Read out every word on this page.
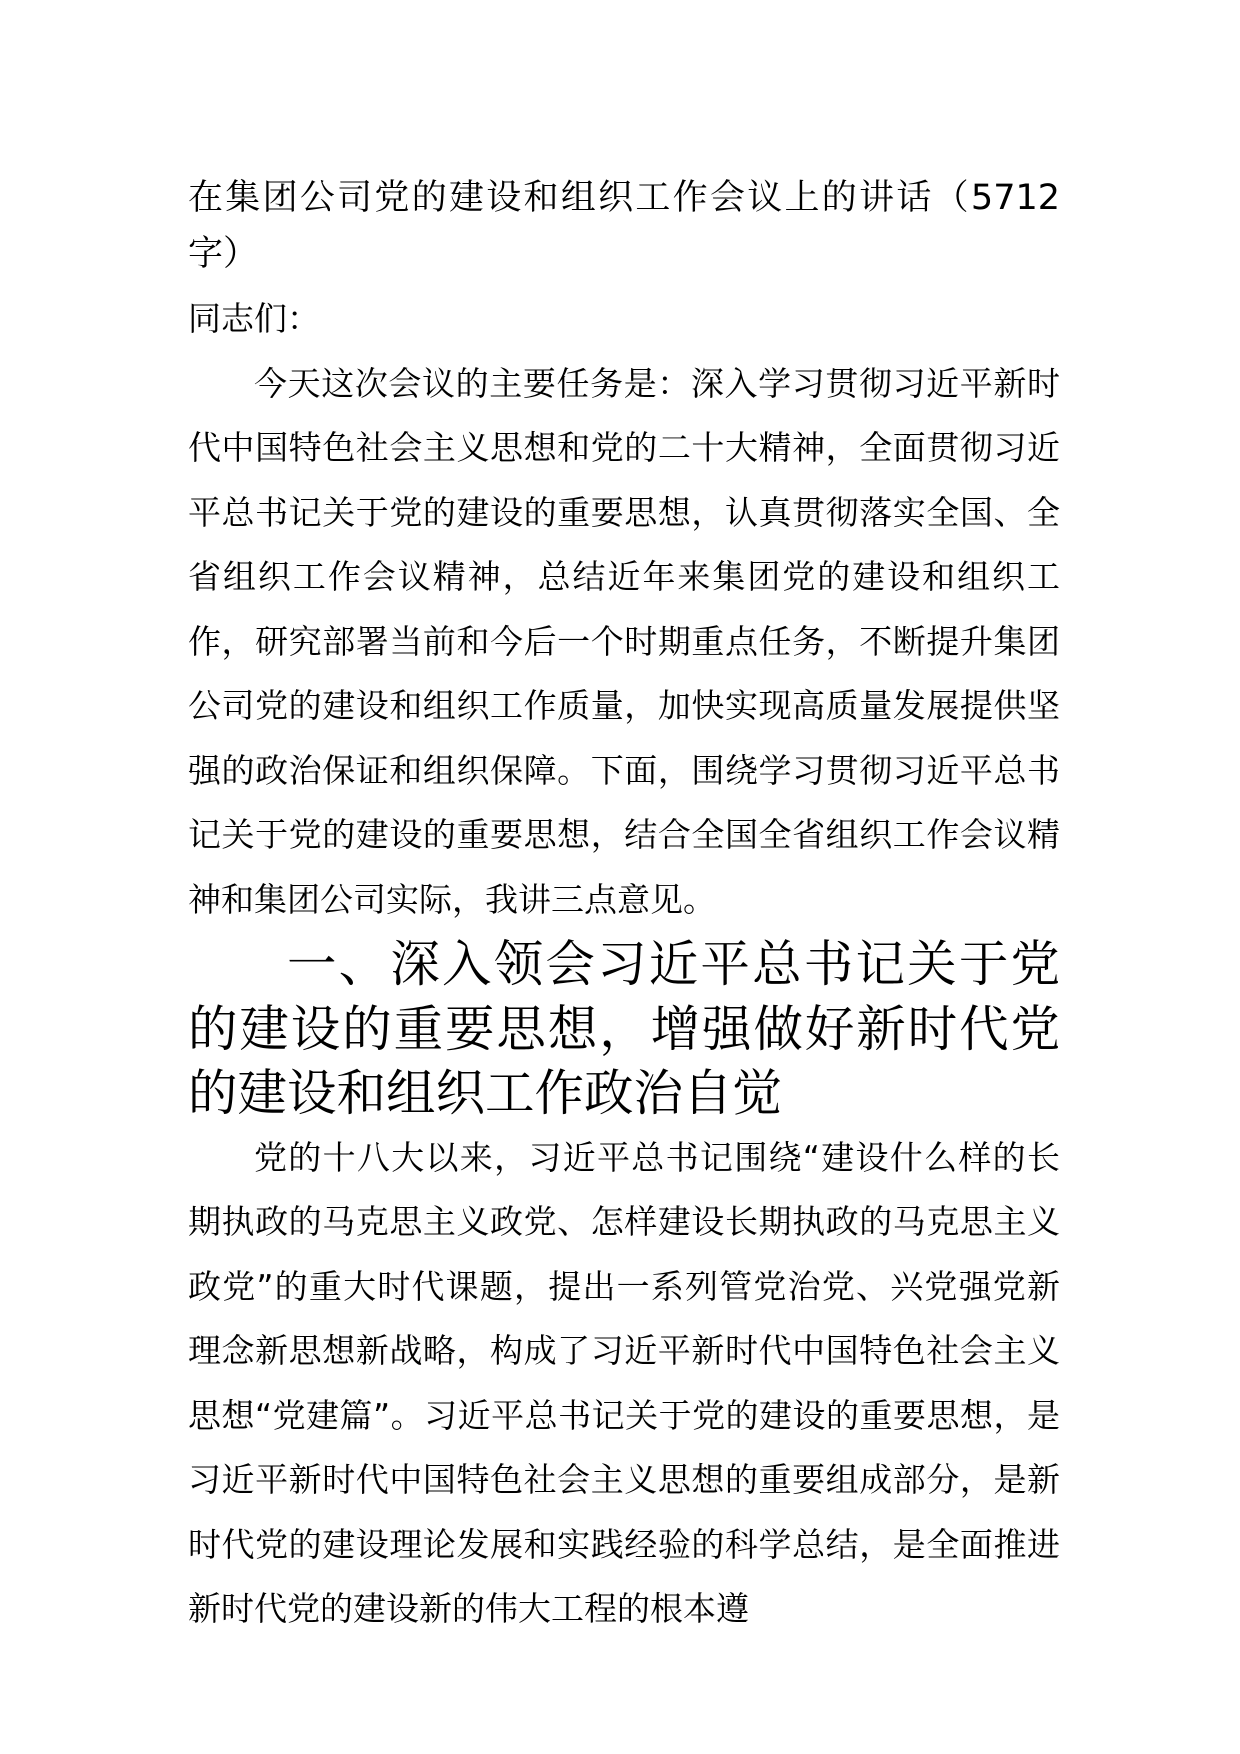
在集团公司党的建设和组织工作会议上的讲话（5712字）

同志们：

今天这次会议的主要任务是：深入学习贯彻习近平新时代中国特色社会主义思想和党的二十大精神，全面贯彻习近平总书记关于党的建设的重要思想，认真贯彻落实全国、全省组织工作会议精神，总结近年来集团党的建设和组织工作，研究部署当前和今后一个时期重点任务，不断提升集团公司党的建设和组织工作质量，加快实现高质量发展提供坚强的政治保证和组织保障。下面，围绕学习贯彻习近平总书记关于党的建设的重要思想，结合全国全省组织工作会议精神和集团公司实际，我讲三点意见。

一、深入领会习近平总书记关于党的建设的重要思想，增强做好新时代党的建设和组织工作政治自觉

党的十八大以来，习近平总书记围绕“建设什么样的长期执政的马克思主义政党、怎样建设长期执政的马克思主义政党”的重大时代课题，提出一系列管党治党、兴党强党新理念新思想新战略，构成了习近平新时代中国特色社会主义思想“党建篇”。习近平总书记关于党的建设的重要思想，是习近平新时代中国特色社会主义思想的重要组成部分，是新时代党的建设理论发展和实践经验的科学总结，是全面推进新时代党的建设新的伟大工程的根本遵
